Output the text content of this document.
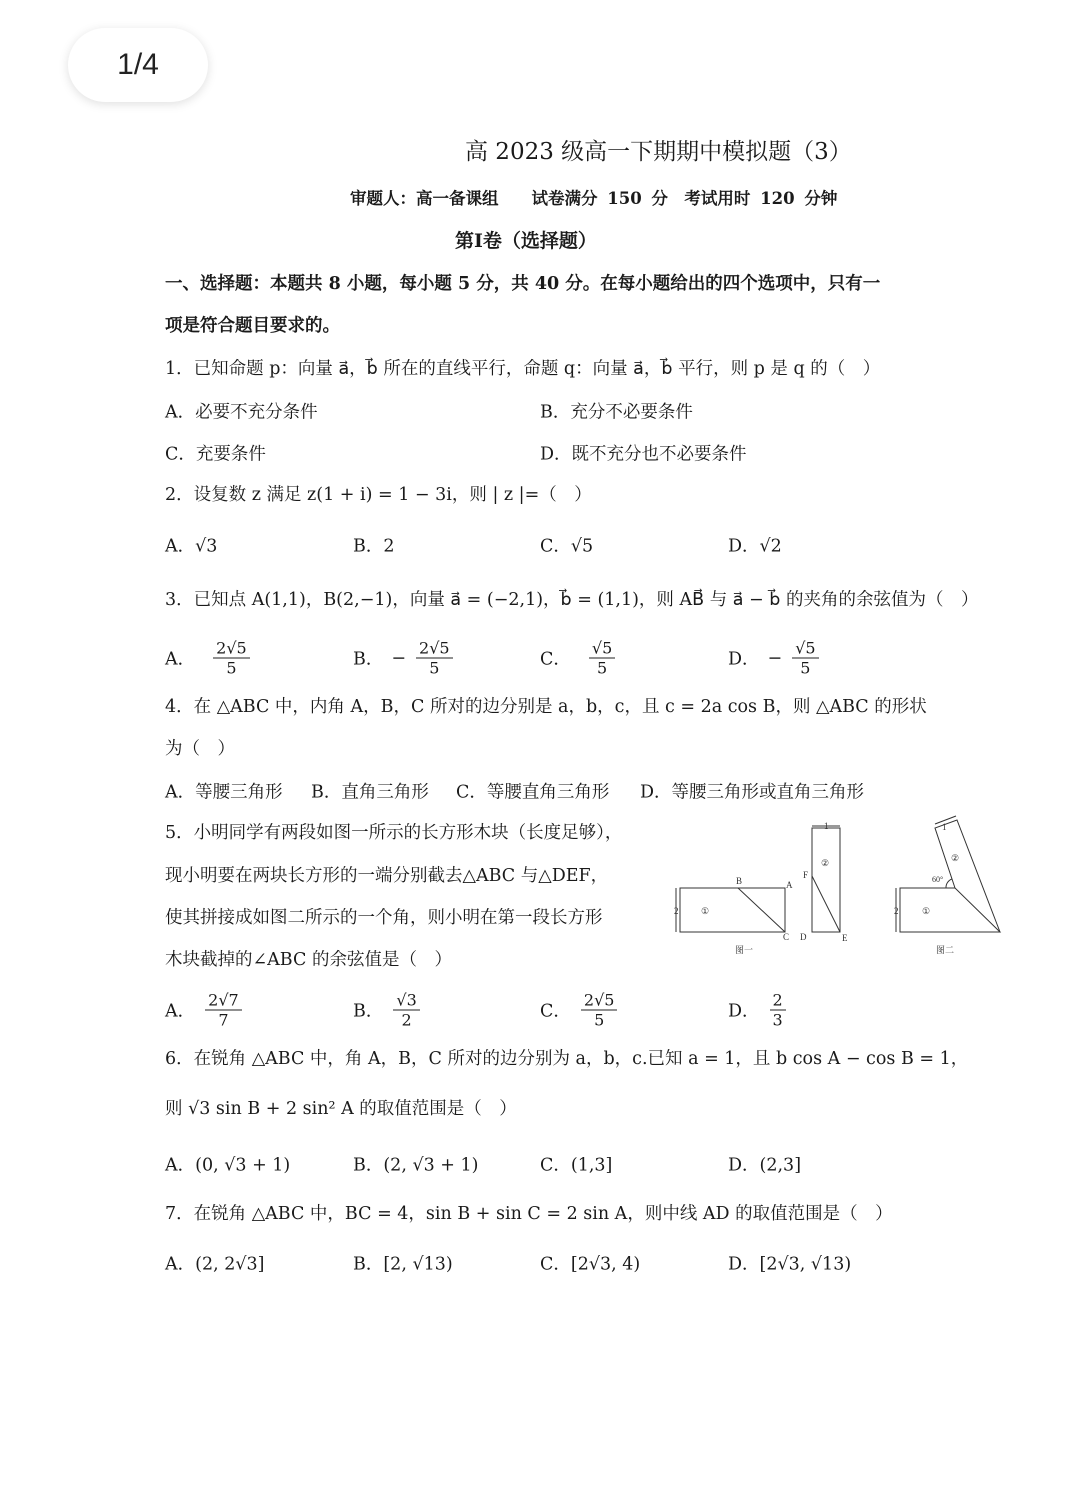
1/4
高 2023 级高一下期期中模拟题（3）
审题人：高一备课组　　试卷满分 150 分　考试用时 120 分钟
第Ⅰ卷（选择题）
一、选择题：本题共 8 小题，每小题 5 分，共 40 分。在每小题给出的四个选项中，只有一
项是符合题目要求的。
1．已知命题 p：向量 a⃗，b⃗ 所在的直线平行，命题 q：向量 a⃗，b⃗ 平行，则 p 是 q 的（　）
A．必要不充分条件	B．充分不必要条件
C．充要条件	D．既不充分也不必要条件
2．设复数 z 满足 z(1 + i) = 1 − 3i，则 | z |=（　）
A．√3	B．2	C．√5	D．√2
3．已知点 A(1,1)，B(2,−1)，向量 a⃗ = (−2,1)，b⃗ = (1,1)，则 AB⃗ 与 a⃗ − b⃗ 的夹角的余弦值为（　）
A． $\frac{2√5}{5}$	B． − $\frac{2√5}{5}$	C． $\frac{√5}{5}$	D． − $\frac{√5}{5}$
4．在 △ABC 中，内角 A，B，C 所对的边分别是 a，b，c，且 c = 2a cos B，则 △ABC 的形状
为（　）
A．等腰三角形 B．直角三角形 C．等腰直角三角形 D．等腰三角形或直角三角形
5．小明同学有两段如图一所示的长方形木块（长度足够），
现小明要在两块长方形的一端分别截去△ABC 与△DEF，
使其拼接成如图二所示的一个角，则小明在第一段长方形
木块截掉的∠ABC 的余弦值是（　）
B	A
C D	E
F
①
②
1
2	2
1
60°
①
②
图一	图二
A． $\frac{2√7}{7}$	B． $\frac{√3}{2}$	C． $\frac{2√5}{5}$	D． $\frac{2}{3}$
6．在锐角 △ABC 中，角 A，B，C 所对的边分别为 a，b，c.已知 a = 1，且 b cos A − cos B = 1，
则 √3 sin B + 2 sin² A 的取值范围是（　）
A．(0, √3 + 1)	B．(2, √3 + 1)	C．(1,3]	D．(2,3]
7．在锐角 △ABC 中，BC = 4，sin B + sin C = 2 sin A，则中线 AD 的取值范围是（　）
A．(2, 2√3]	B．[2, √13)	C．[2√3, 4)	D．[2√3, √13)
